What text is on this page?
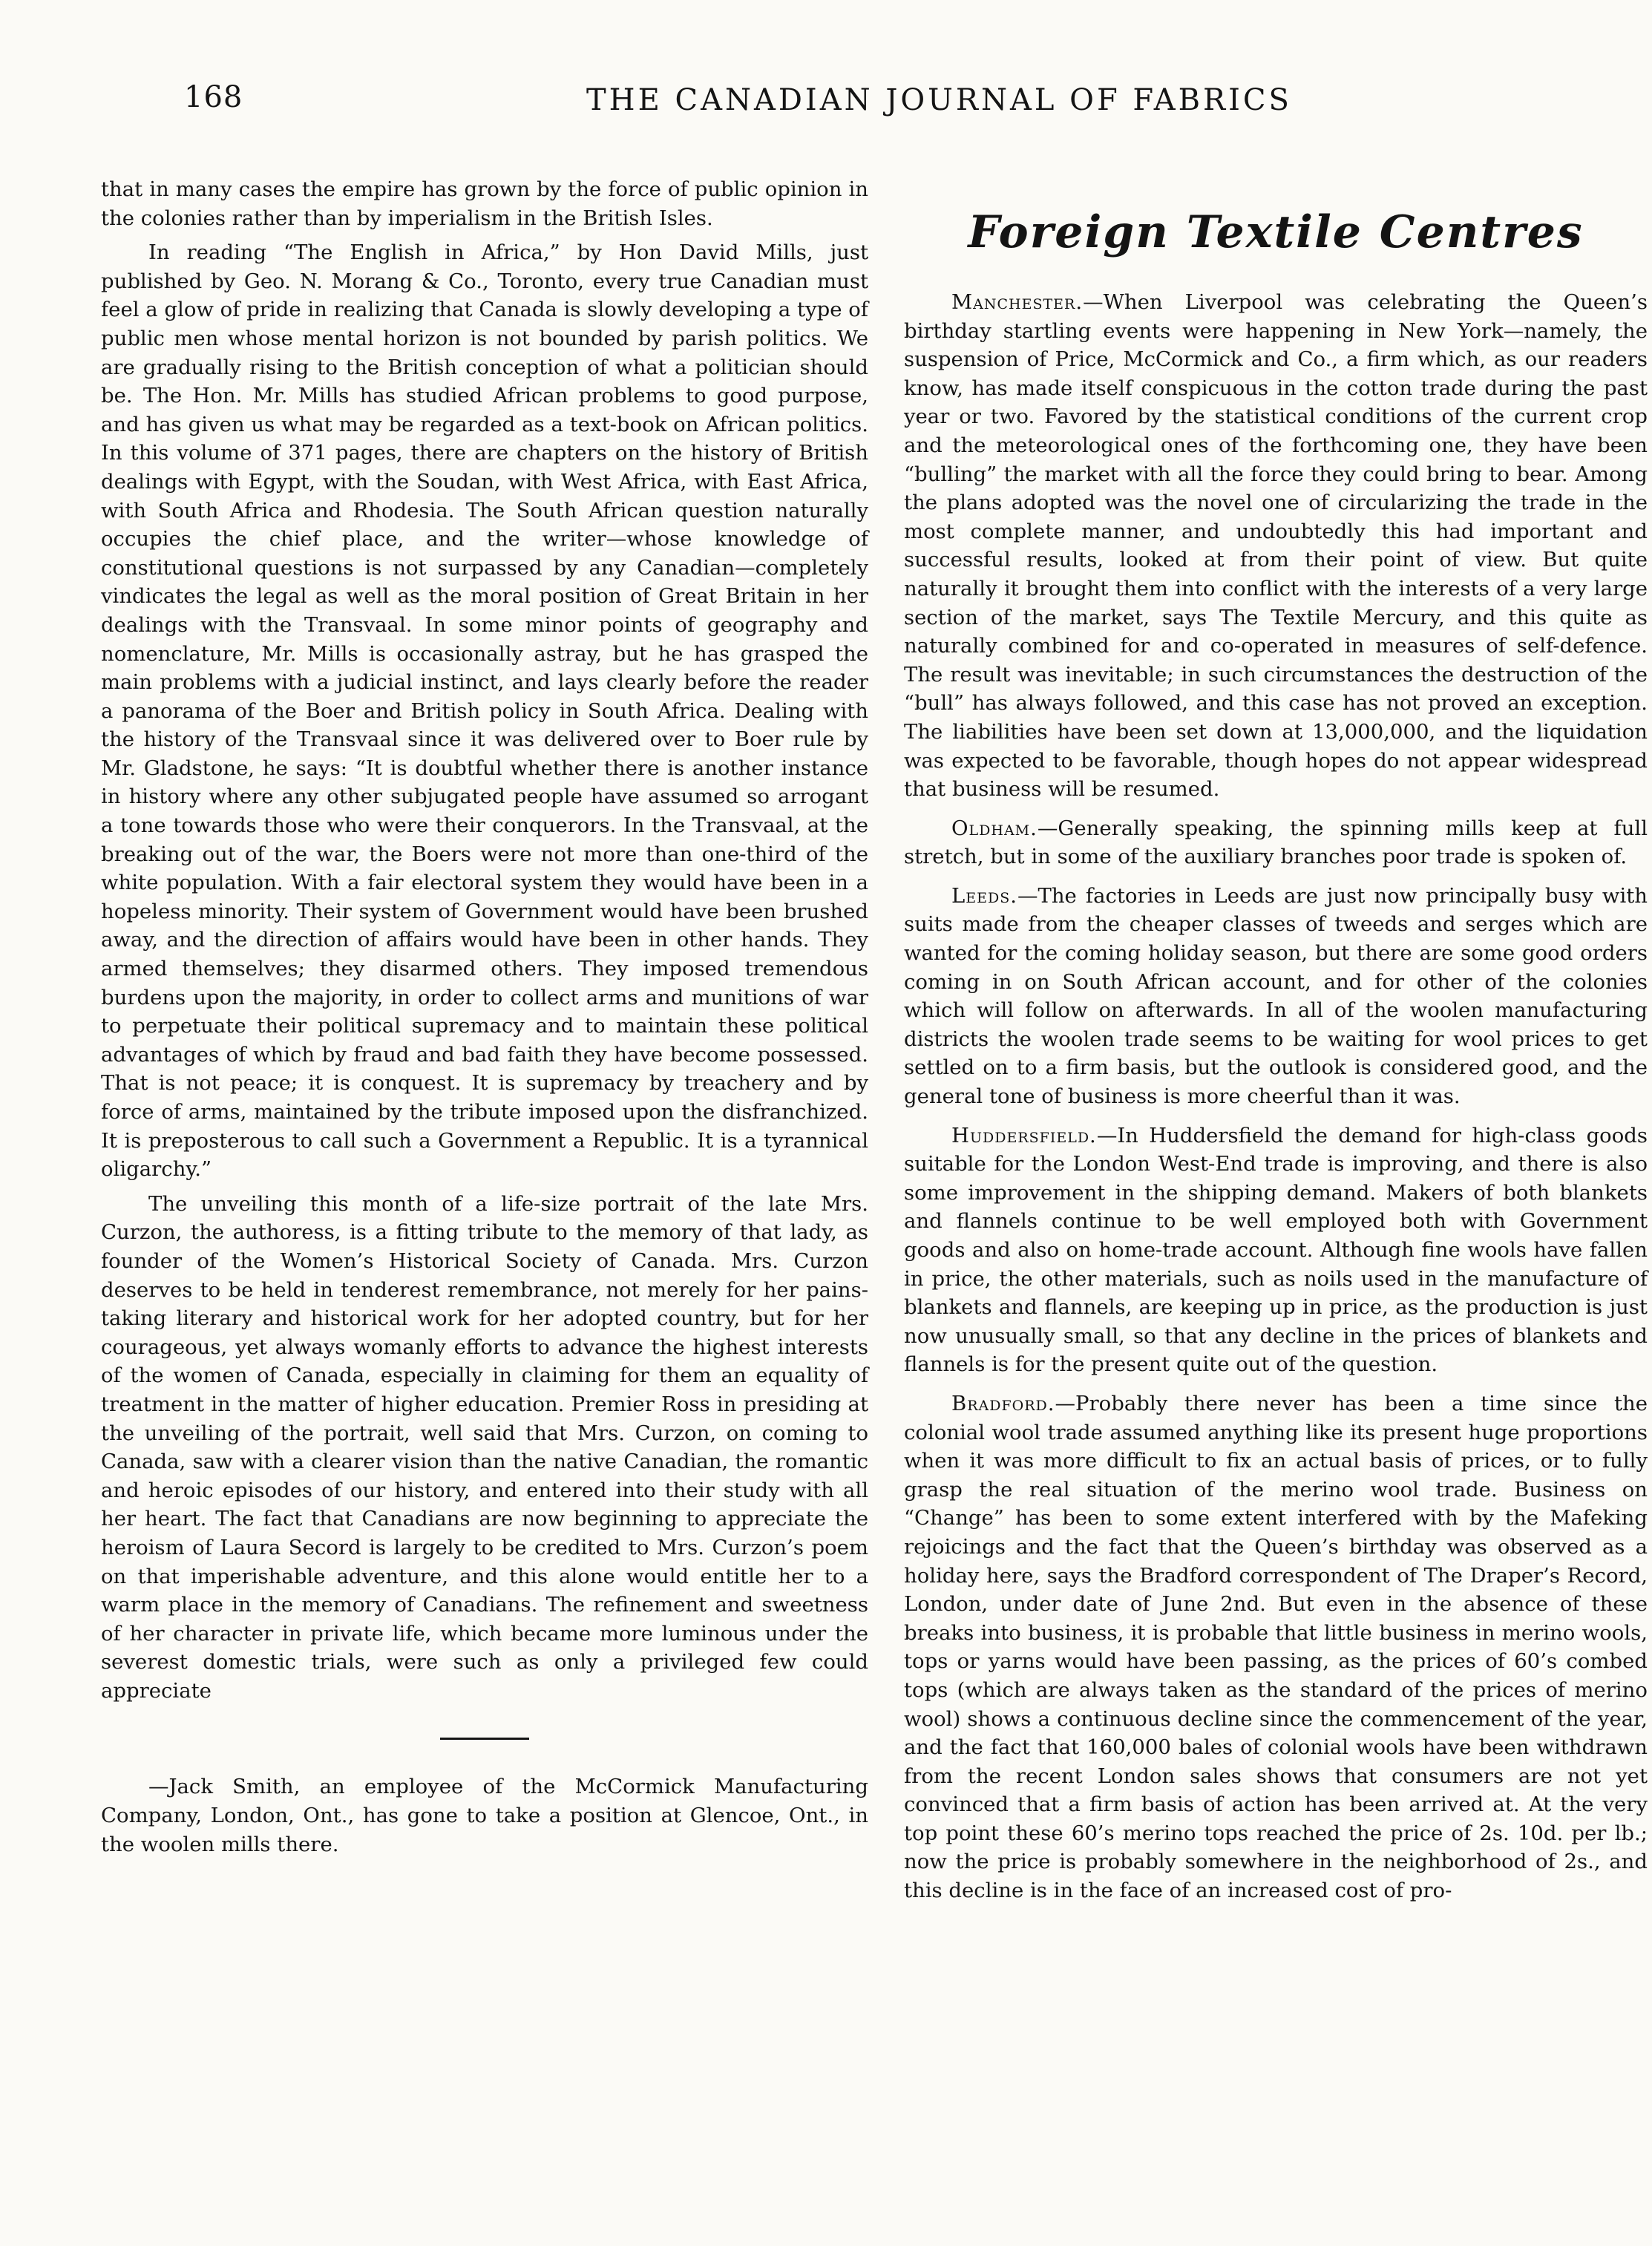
168	THE CANADIAN JOURNAL OF FABRICS

that in many cases the empire has grown by the force of public opinion in the colonies rather than by imperialism in the British Isles.

In reading “The English in Africa,” by Hon David Mills, just published by Geo. N. Morang & Co., Toronto, every true Canadian must feel a glow of pride in realizing that Canada is slowly developing a type of public men whose mental horizon is not bounded by parish politics. We are gradually rising to the British conception of what a politician should be. The Hon. Mr. Mills has studied African problems to good purpose, and has given us what may be regarded as a text-book on African politics. In this volume of 371 pages, there are chapters on the history of British dealings with Egypt, with the Soudan, with West Africa, with East Africa, with South Africa and Rhodesia. The South African question naturally occupies the chief place, and the writer—whose knowledge of constitutional questions is not surpassed by any Canadian—completely vindicates the legal as well as the moral position of Great Britain in her dealings with the Transvaal. In some minor points of geography and nomenclature, Mr. Mills is occasionally astray, but he has grasped the main problems with a judicial instinct, and lays clearly before the reader a panorama of the Boer and British policy in South Africa. Dealing with the history of the Transvaal since it was delivered over to Boer rule by Mr. Gladstone, he says: “It is doubtful whether there is another instance in history where any other subjugated people have assumed so arrogant a tone towards those who were their conquerors. In the Transvaal, at the breaking out of the war, the Boers were not more than one-third of the white population. With a fair electoral system they would have been in a hopeless minority. Their system of Government would have been brushed away, and the direction of affairs would have been in other hands. They armed themselves; they disarmed others. They imposed tremendous burdens upon the majority, in order to collect arms and munitions of war to perpetuate their political supremacy and to maintain these political advantages of which by fraud and bad faith they have become possessed. That is not peace; it is conquest. It is supremacy by treachery and by force of arms, maintained by the tribute imposed upon the disfranchized. It is preposterous to call such a Government a Republic. It is a tyrannical oligarchy.”

The unveiling this month of a life-size portrait of the late Mrs. Curzon, the authoress, is a fitting tribute to the memory of that lady, as founder of the Women’s Historical Society of Canada. Mrs. Curzon deserves to be held in tenderest remembrance, not merely for her pains-taking literary and historical work for her adopted country, but for her courageous, yet always womanly efforts to advance the highest interests of the women of Canada, especially in claiming for them an equality of treatment in the matter of higher education. Premier Ross in presiding at the unveiling of the portrait, well said that Mrs. Curzon, on coming to Canada, saw with a clearer vision than the native Canadian, the romantic and heroic episodes of our history, and entered into their study with all her heart. The fact that Canadians are now beginning to appreciate the heroism of Laura Secord is largely to be credited to Mrs. Curzon’s poem on that imperishable adventure, and this alone would entitle her to a warm place in the memory of Canadians. The refinement and sweetness of her character in private life, which became more luminous under the severest domestic trials, were such as only a privileged few could appreciate

—Jack Smith, an employee of the McCormick Manufacturing Company, London, Ont., has gone to take a position at Glencoe, Ont., in the woolen mills there.

Foreign Textile Centres

Manchester.—When Liverpool was celebrating the Queen’s birthday startling events were happening in New York—namely, the suspension of Price, McCormick and Co., a firm which, as our readers know, has made itself conspicuous in the cotton trade during the past year or two. Favored by the statistical conditions of the current crop and the meteorological ones of the forthcoming one, they have been “bulling” the market with all the force they could bring to bear. Among the plans adopted was the novel one of circularizing the trade in the most complete manner, and undoubtedly this had important and successful results, looked at from their point of view. But quite naturally it brought them into conflict with the interests of a very large section of the market, says The Textile Mercury, and this quite as naturally combined for and co-operated in measures of self-defence. The result was inevitable; in such circumstances the destruction of the “bull” has always followed, and this case has not proved an exception. The liabilities have been set down at 13,000,000, and the liquidation was expected to be favorable, though hopes do not appear widespread that business will be resumed.

Oldham.—Generally speaking, the spinning mills keep at full stretch, but in some of the auxiliary branches poor trade is spoken of.

Leeds.—The factories in Leeds are just now principally busy with suits made from the cheaper classes of tweeds and serges which are wanted for the coming holiday season, but there are some good orders coming in on South African account, and for other of the colonies which will follow on afterwards. In all of the woolen manufacturing districts the woolen trade seems to be waiting for wool prices to get settled on to a firm basis, but the outlook is considered good, and the general tone of business is more cheerful than it was.

Huddersfield.—In Huddersfield the demand for high-class goods suitable for the London West-End trade is improving, and there is also some improvement in the shipping demand. Makers of both blankets and flannels continue to be well employed both with Government goods and also on home-trade account. Although fine wools have fallen in price, the other materials, such as noils used in the manufacture of blankets and flannels, are keeping up in price, as the production is just now unusually small, so that any decline in the prices of blankets and flannels is for the present quite out of the question.

Bradford.—Probably there never has been a time since the colonial wool trade assumed anything like its present huge proportions when it was more difficult to fix an actual basis of prices, or to fully grasp the real situation of the merino wool trade. Business on “Change” has been to some extent interfered with by the Mafeking rejoicings and the fact that the Queen’s birthday was observed as a holiday here, says the Bradford correspondent of The Draper’s Record, London, under date of June 2nd. But even in the absence of these breaks into business, it is probable that little business in merino wools, tops or yarns would have been passing, as the prices of 60’s combed tops (which are always taken as the standard of the prices of merino wool) shows a continuous decline since the commencement of the year, and the fact that 160,000 bales of colonial wools have been withdrawn from the recent London sales shows that consumers are not yet convinced that a firm basis of action has been arrived at. At the very top point these 60’s merino tops reached the price of 2s. 10d. per lb.; now the price is probably somewhere in the neighborhood of 2s., and this decline is in the face of an increased cost of pro-
